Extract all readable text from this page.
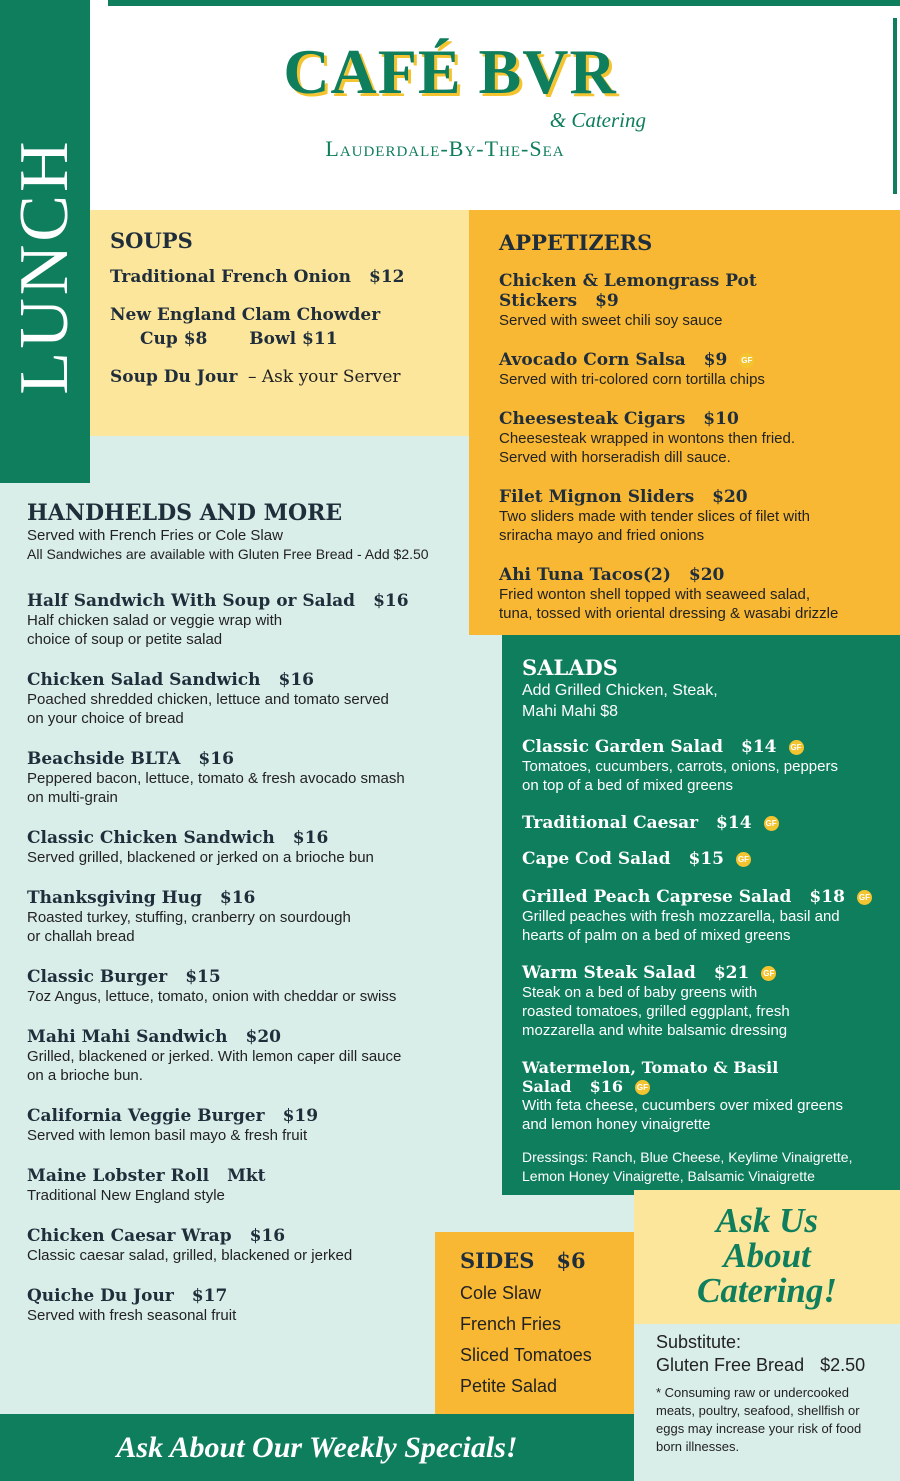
CAFÉ BVR
& Catering
Lauderdale-By-The-Sea
LUNCH	SOUPS
Traditional French Onion $12
New England Clam Chowder
Cup $8 Bowl $11
Soup Du Jour – Ask your Server
APPETIZERS
Chicken & Lemongrass Pot Stickers $9
Served with sweet chili soy sauce
Avocado Corn Salsa $9 GF
Served with tri-colored corn tortilla chips
Cheesesteak Cigars $10
Cheesesteak wrapped in wontons then fried.
Served with horseradish dill sauce.
Filet Mignon Sliders $20
Two sliders made with tender slices of filet with
sriracha mayo and fried onions
Ahi Tuna Tacos(2) $20
Fried wonton shell topped with seaweed salad,
tuna, tossed with oriental dressing & wasabi drizzle
HANDHELDS AND MORE
Served with French Fries or Cole Slaw
All Sandwiches are available with Gluten Free Bread - Add $2.50
Half Sandwich With Soup or Salad $16
Half chicken salad or veggie wrap with
choice of soup or petite salad
Chicken Salad Sandwich $16
Poached shredded chicken, lettuce and tomato served
on your choice of bread
Beachside BLTA $16
Peppered bacon, lettuce, tomato & fresh avocado smash
on multi-grain
Classic Chicken Sandwich $16
Served grilled, blackened or jerked on a brioche bun
Thanksgiving Hug $16
Roasted turkey, stuffing, cranberry on sourdough
or challah bread
Classic Burger $15
7oz Angus, lettuce, tomato, onion with cheddar or swiss
Mahi Mahi Sandwich $20
Grilled, blackened or jerked. With lemon caper dill sauce
on a brioche bun.
California Veggie Burger $19
Served with lemon basil mayo & fresh fruit
Maine Lobster Roll Mkt
Traditional New England style
Chicken Caesar Wrap $16
Classic caesar salad, grilled, blackened or jerked
Quiche Du Jour $17
Served with fresh seasonal fruit
SALADS
Add Grilled Chicken, Steak,
Mahi Mahi $8
Classic Garden Salad $14 GF
Tomatoes, cucumbers, carrots, onions, peppers
on top of a bed of mixed greens
Traditional Caesar $14 GF
Cape Cod Salad $15 GF
Grilled Peach Caprese Salad $18 GF
Grilled peaches with fresh mozzarella, basil and
hearts of palm on a bed of mixed greens
Warm Steak Salad $21 GF
Steak on a bed of baby greens with
roasted tomatoes, grilled eggplant, fresh
mozzarella and white balsamic dressing
Watermelon, Tomato & Basil Salad $16 GF
With feta cheese, cucumbers over mixed greens
and lemon honey vinaigrette
Dressings: Ranch, Blue Cheese, Keylime Vinaigrette,
Lemon Honey Vinaigrette, Balsamic Vinaigrette
SIDES $6
Cole Slaw
French Fries
Sliced Tomatoes
Petite Salad
Ask Us
About
Catering!
Substitute:
Gluten Free Bread $2.50
* Consuming raw or undercooked
meats, poultry, seafood, shellfish or
eggs may increase your risk of food
born illnesses.
Ask About Our Weekly Specials!
